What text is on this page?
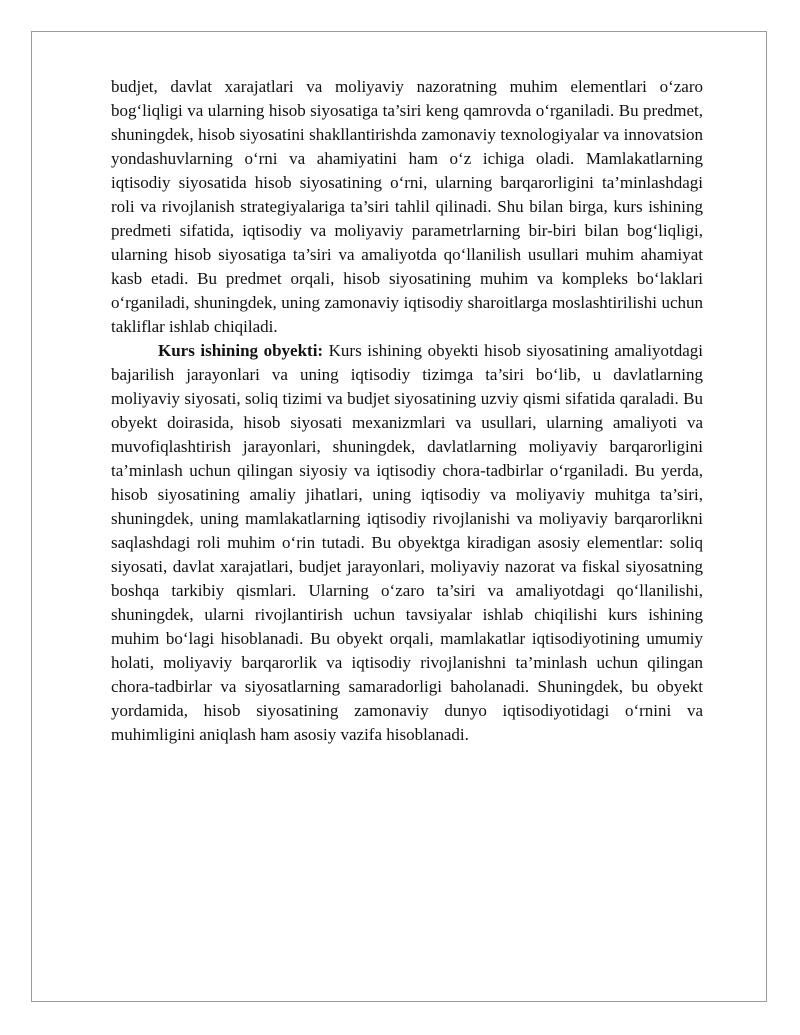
budjet, davlat xarajatlari va moliyaviy nazoratning muhim elementlari o‘zaro bog‘liqligi va ularning hisob siyosatiga ta’siri keng qamrovda o‘rganiladi. Bu predmet, shuningdek, hisob siyosatini shakllantirishda zamonaviy texnologiyalar va innovatsion yondashuvlarning o‘rni va ahamiyatini ham o‘z ichiga oladi. Mamlakatlarning iqtisodiy siyosatida hisob siyosatining o‘rni, ularning barqarorligini ta’minlashdagi roli va rivojlanish strategiyalariga ta’siri tahlil qilinadi. Shu bilan birga, kurs ishining predmeti sifatida, iqtisodiy va moliyaviy parametrlarning bir-biri bilan bog‘liqligi, ularning hisob siyosatiga ta’siri va amaliyotda qo‘llanilish usullari muhim ahamiyat kasb etadi. Bu predmet orqali, hisob siyosatining muhim va kompleks bo‘laklari o‘rganiladi, shuningdek, uning zamonaviy iqtisodiy sharoitlarga moslashtirilishi uchun takliflar ishlab chiqiladi.

Kurs ishining obyekti: Kurs ishining obyekti hisob siyosatining amaliyotdagi bajarilish jarayonlari va uning iqtisodiy tizimga ta’siri bo‘lib, u davlatlarning moliyaviy siyosati, soliq tizimi va budjet siyosatining uzviy qismi sifatida qaraladi. Bu obyekt doirasida, hisob siyosati mexanizmlari va usullari, ularning amaliyoti va muvofiqlashtirish jarayonlari, shuningdek, davlatlarning moliyaviy barqarorligini ta’minlash uchun qilingan siyosiy va iqtisodiy chora-tadbirlar o‘rganiladi. Bu yerda, hisob siyosatining amaliy jihatlari, uning iqtisodiy va moliyaviy muhitga ta’siri, shuningdek, uning mamlakatlarning iqtisodiy rivojlanishi va moliyaviy barqarorlikni saqlashdagi roli muhim o‘rin tutadi. Bu obyektga kiradigan asosiy elementlar: soliq siyosati, davlat xarajatlari, budjet jarayonlari, moliyaviy nazorat va fiskal siyosatning boshqa tarkibiy qismlari. Ularning o‘zaro ta’siri va amaliyotdagi qo‘llanilishi, shuningdek, ularni rivojlantirish uchun tavsiyalar ishlab chiqilishi kurs ishining muhim bo‘lagi hisoblanadi. Bu obyekt orqali, mamlakatlar iqtisodiyotining umumiy holati, moliyaviy barqarorlik va iqtisodiy rivojlanishni ta’minlash uchun qilingan chora-tadbirlar va siyosatlarning samaradorligi baholanadi. Shuningdek, bu obyekt yordamida, hisob siyosatining zamonaviy dunyo iqtisodiyotidagi o‘rnini va muhimligini aniqlash ham asosiy vazifa hisoblanadi.
